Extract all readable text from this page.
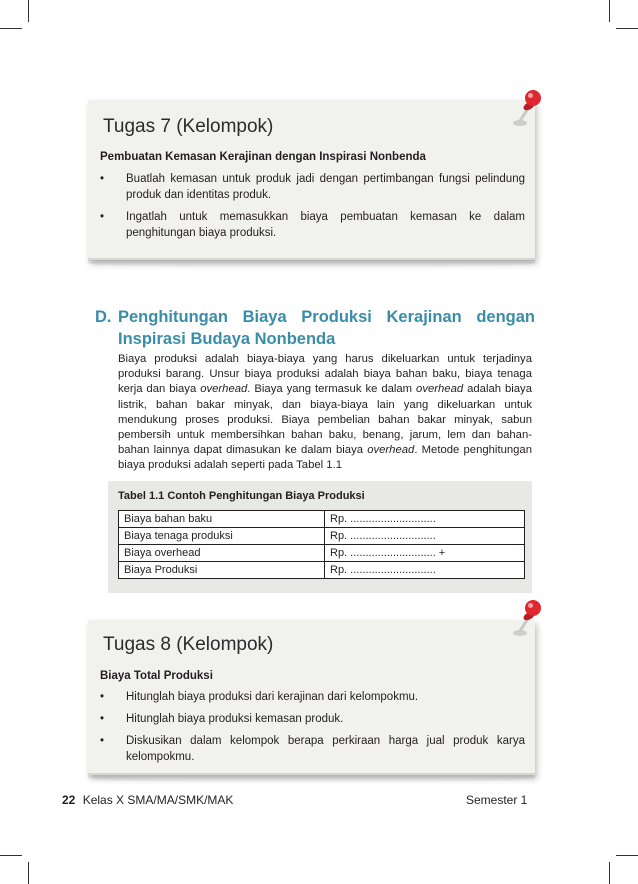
Tugas 7 (Kelompok)
Pembuatan Kemasan Kerajinan dengan Inspirasi Nonbenda
• Buatlah kemasan untuk produk jadi dengan pertimbangan fungsi pelindung produk dan identitas produk.
• Ingatlah untuk memasukkan biaya pembuatan kemasan ke dalam penghitungan biaya produksi.
D. Penghitungan Biaya Produksi Kerajinan dengan Inspirasi Budaya Nonbenda
Biaya produksi adalah biaya-biaya yang harus dikeluarkan untuk terjadinya produksi barang. Unsur biaya produksi adalah biaya bahan baku, biaya tenaga kerja dan biaya overhead. Biaya yang termasuk ke dalam overhead adalah biaya listrik, bahan bakar minyak, dan biaya-biaya lain yang dikeluarkan untuk mendukung proses produksi. Biaya pembelian bahan bakar minyak, sabun pembersih untuk membersihkan bahan baku, benang, jarum, lem dan bahan-bahan lainnya dapat dimasukan ke dalam biaya overhead. Metode penghitungan biaya produksi adalah seperti pada Tabel 1.1
Tabel 1.1 Contoh Penghitungan Biaya Produksi
Biaya bahan baku	Rp. ............................
Biaya tenaga produksi	Rp. ............................
Biaya overhead	Rp. ............................ +
Biaya Produksi	Rp. ............................
Tugas 8 (Kelompok)
Biaya Total Produksi
• Hitunglah biaya produksi dari kerajinan dari kelompokmu.
• Hitunglah biaya produksi kemasan produk.
• Diskusikan dalam kelompok berapa perkiraan harga jual produk karya kelompokmu.
22 Kelas X SMA/MA/SMK/MAK	Semester 1
